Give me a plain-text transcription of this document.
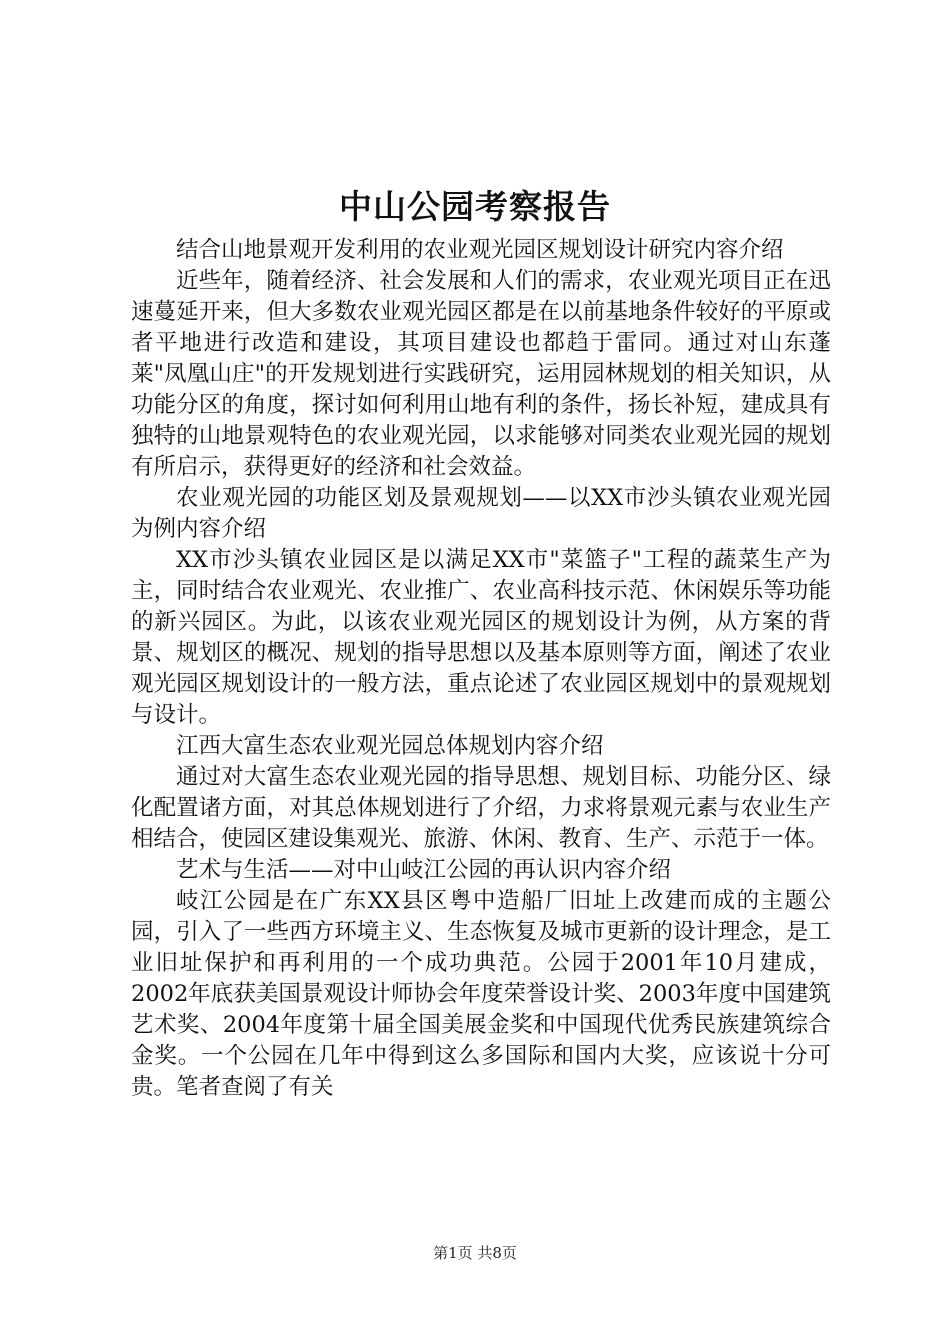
中山公园考察报告

结合山地景观开发利用的农业观光园区规划设计研究内容介绍

近些年，随着经济、社会发展和人们的需求，农业观光项目正在迅速蔓延开来，但大多数农业观光园区都是在以前基地条件较好的平原或者平地进行改造和建设，其项目建设也都趋于雷同。通过对山东蓬莱"凤凰山庄"的开发规划进行实践研究，运用园林规划的相关知识，从功能分区的角度，探讨如何利用山地有利的条件，扬长补短，建成具有独特的山地景观特色的农业观光园，以求能够对同类农业观光园的规划有所启示，获得更好的经济和社会效益。

农业观光园的功能区划及景观规划——以XX市沙头镇农业观光园为例内容介绍

XX市沙头镇农业园区是以满足XX市"菜篮子"工程的蔬菜生产为主，同时结合农业观光、农业推广、农业高科技示范、休闲娱乐等功能的新兴园区。为此，以该农业观光园区的规划设计为例，从方案的背景、规划区的概况、规划的指导思想以及基本原则等方面，阐述了农业观光园区规划设计的一般方法，重点论述了农业园区规划中的景观规划与设计。

江西大富生态农业观光园总体规划内容介绍

通过对大富生态农业观光园的指导思想、规划目标、功能分区、绿化配置诸方面，对其总体规划进行了介绍，力求将景观元素与农业生产相结合，使园区建设集观光、旅游、休闲、教育、生产、示范于一体。

艺术与生活——对中山岐江公园的再认识内容介绍

岐江公园是在广东XX县区粤中造船厂旧址上改建而成的主题公园，引入了一些西方环境主义、生态恢复及城市更新的设计理念，是工业旧址保护和再利用的一个成功典范。公园于2001年10月建成，2002年底获美国景观设计师协会年度荣誉设计奖、2003年度中国建筑艺术奖、2004年度第十届全国美展金奖和中国现代优秀民族建筑综合金奖。一个公园在几年中得到这么多国际和国内大奖，应该说十分可贵。笔者查阅了有关

第1页 共8页
